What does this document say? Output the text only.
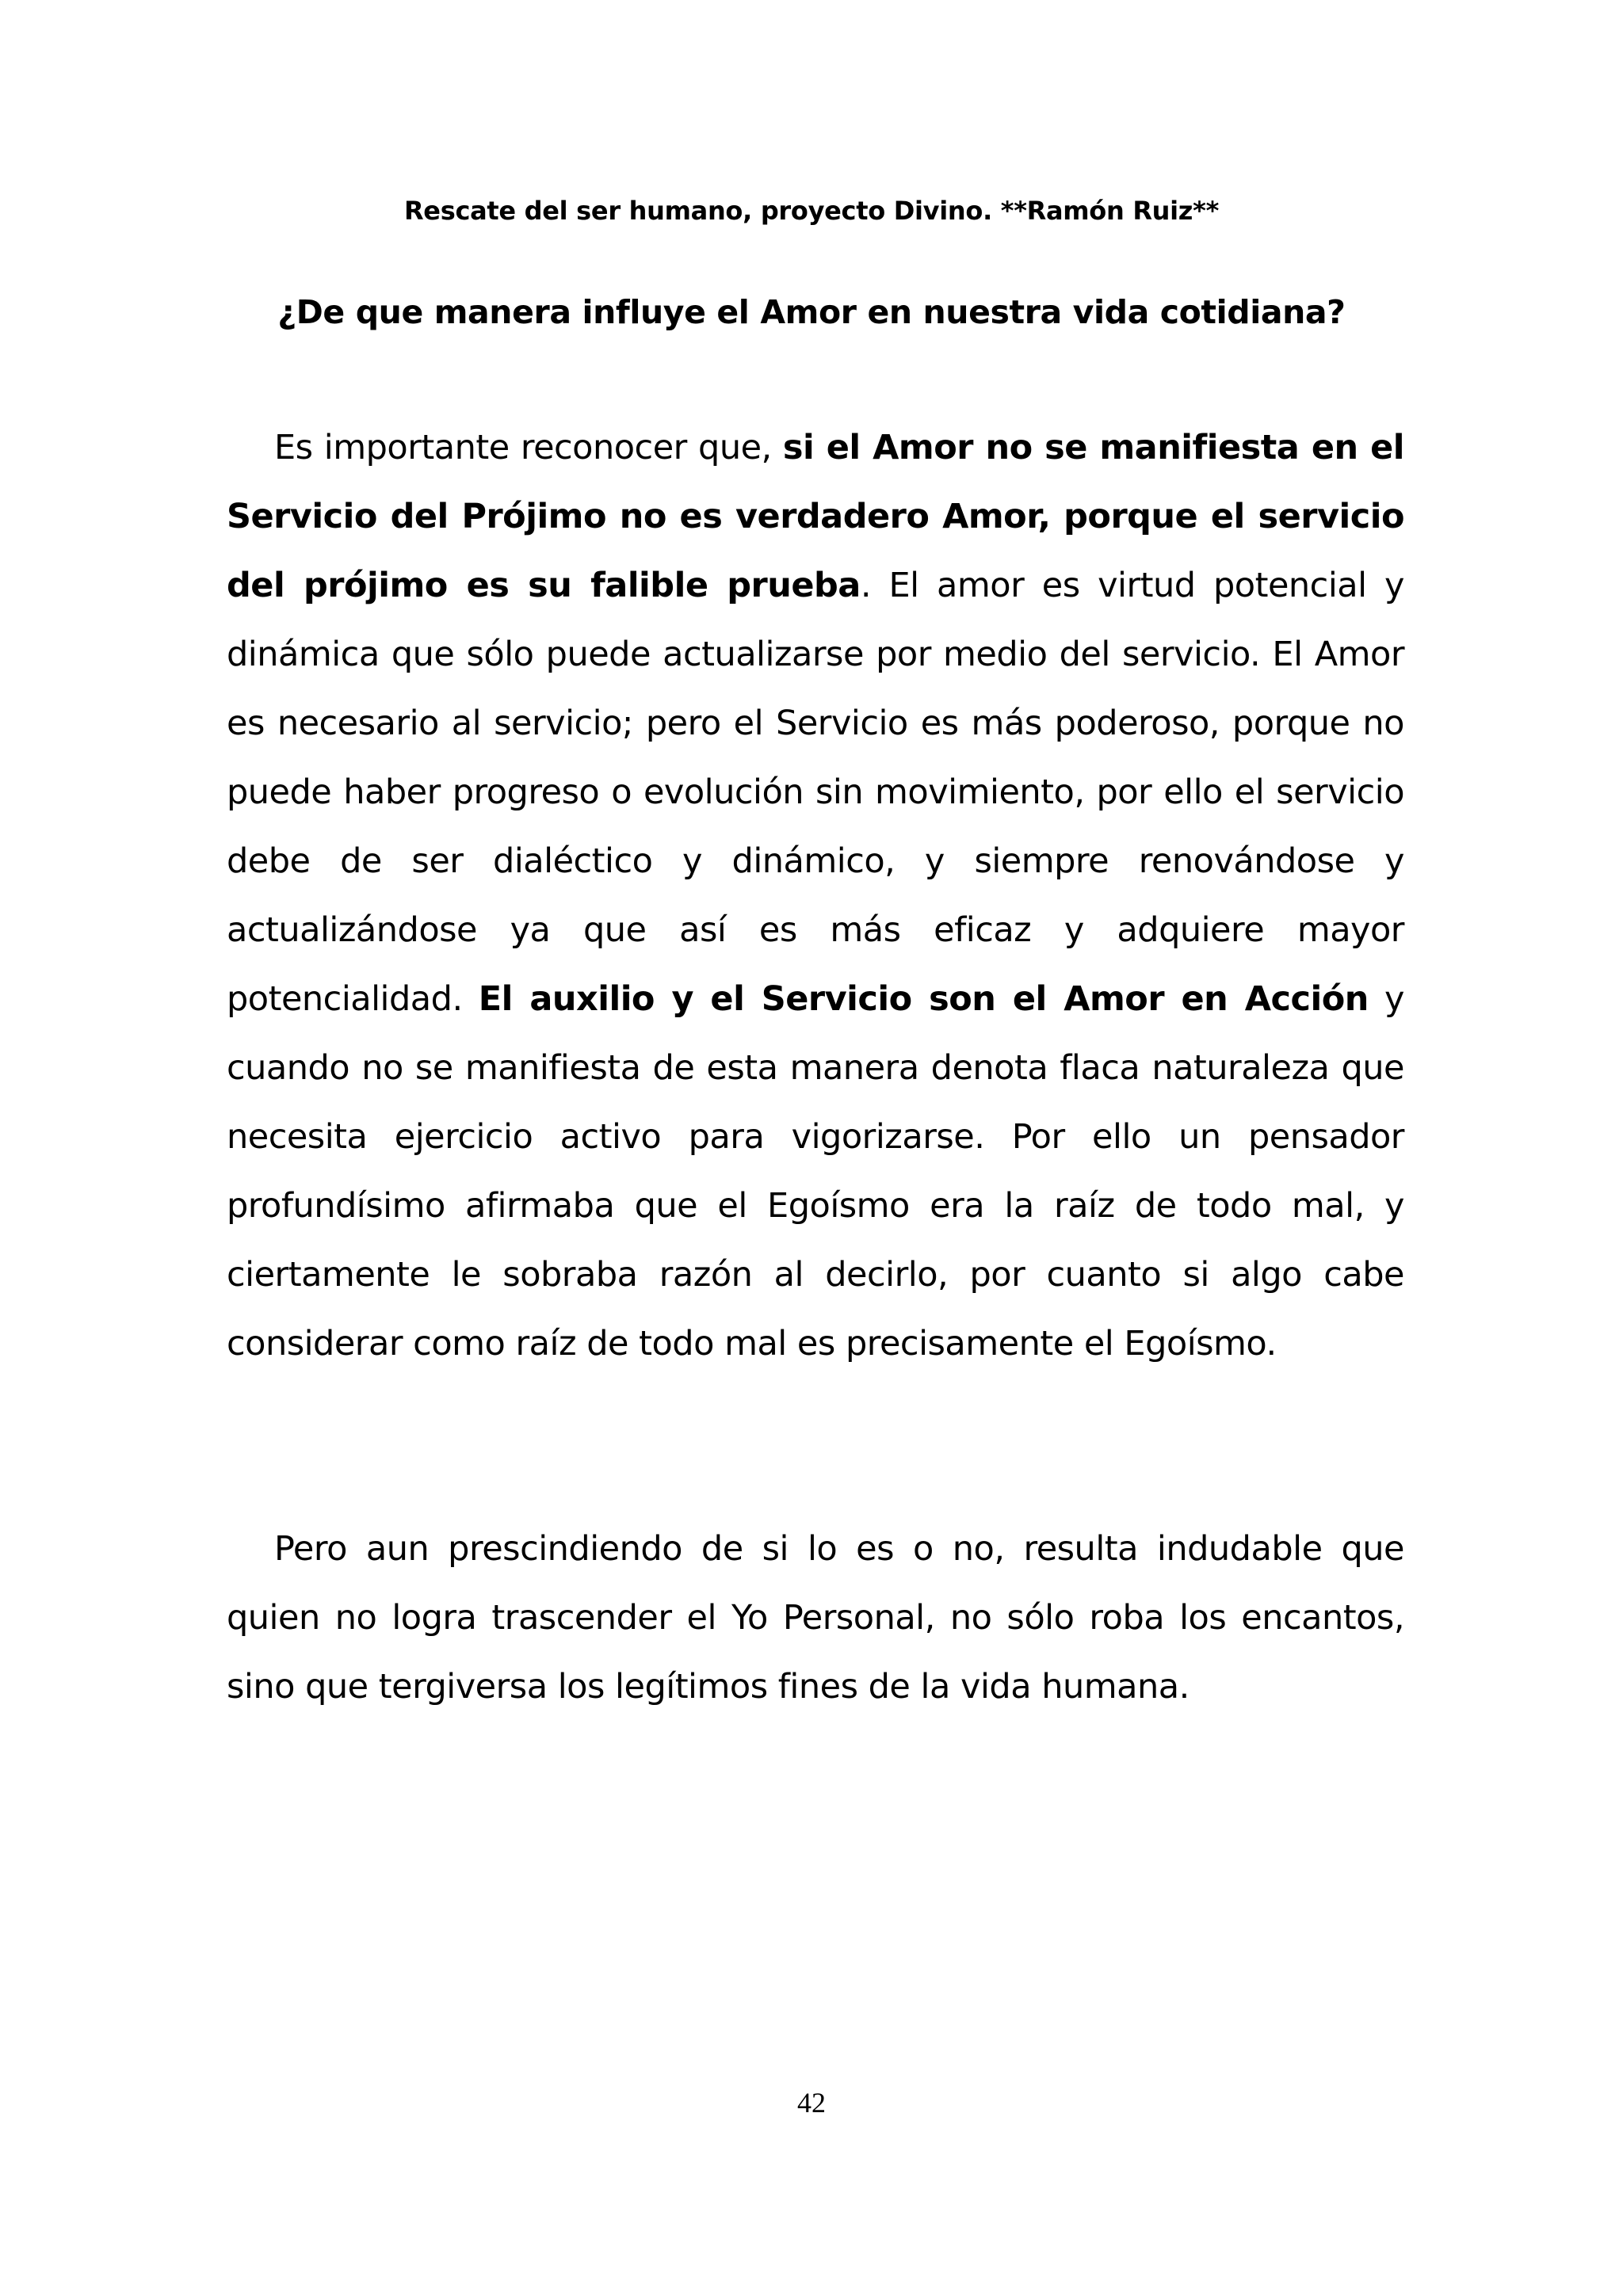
Rescate del ser humano, proyecto Divino. **Ramón Ruiz**
¿De que manera influye el Amor en nuestra vida cotidiana?

Es importante reconocer que, si el Amor no se manifiesta en el Servicio del Prójimo no es verdadero Amor, porque el servicio del prójimo es su falible prueba. El amor es virtud potencial y dinámica que sólo puede actualizarse por medio del servicio. El Amor es necesario al servicio; pero el Servicio es más poderoso, porque no puede haber progreso o evolución sin movimiento, por ello el servicio debe de ser dialéctico y dinámico, y siempre renovándose y actualizándose ya que así es más eficaz y adquiere mayor potencialidad. El auxilio y el Servicio son el Amor en Acción y cuando no se manifiesta de esta manera denota flaca naturaleza que necesita ejercicio activo para vigorizarse. Por ello un pensador profundísimo afirmaba que el Egoísmo era la raíz de todo mal, y ciertamente le sobraba razón al decirlo, por cuanto si algo cabe considerar como raíz de todo mal es precisamente el Egoísmo.

Pero aun prescindiendo de si lo es o no, resulta indudable que quien no logra trascender el Yo Personal, no sólo roba los encantos, sino que tergiversa los legítimos fines de la vida humana.

42
